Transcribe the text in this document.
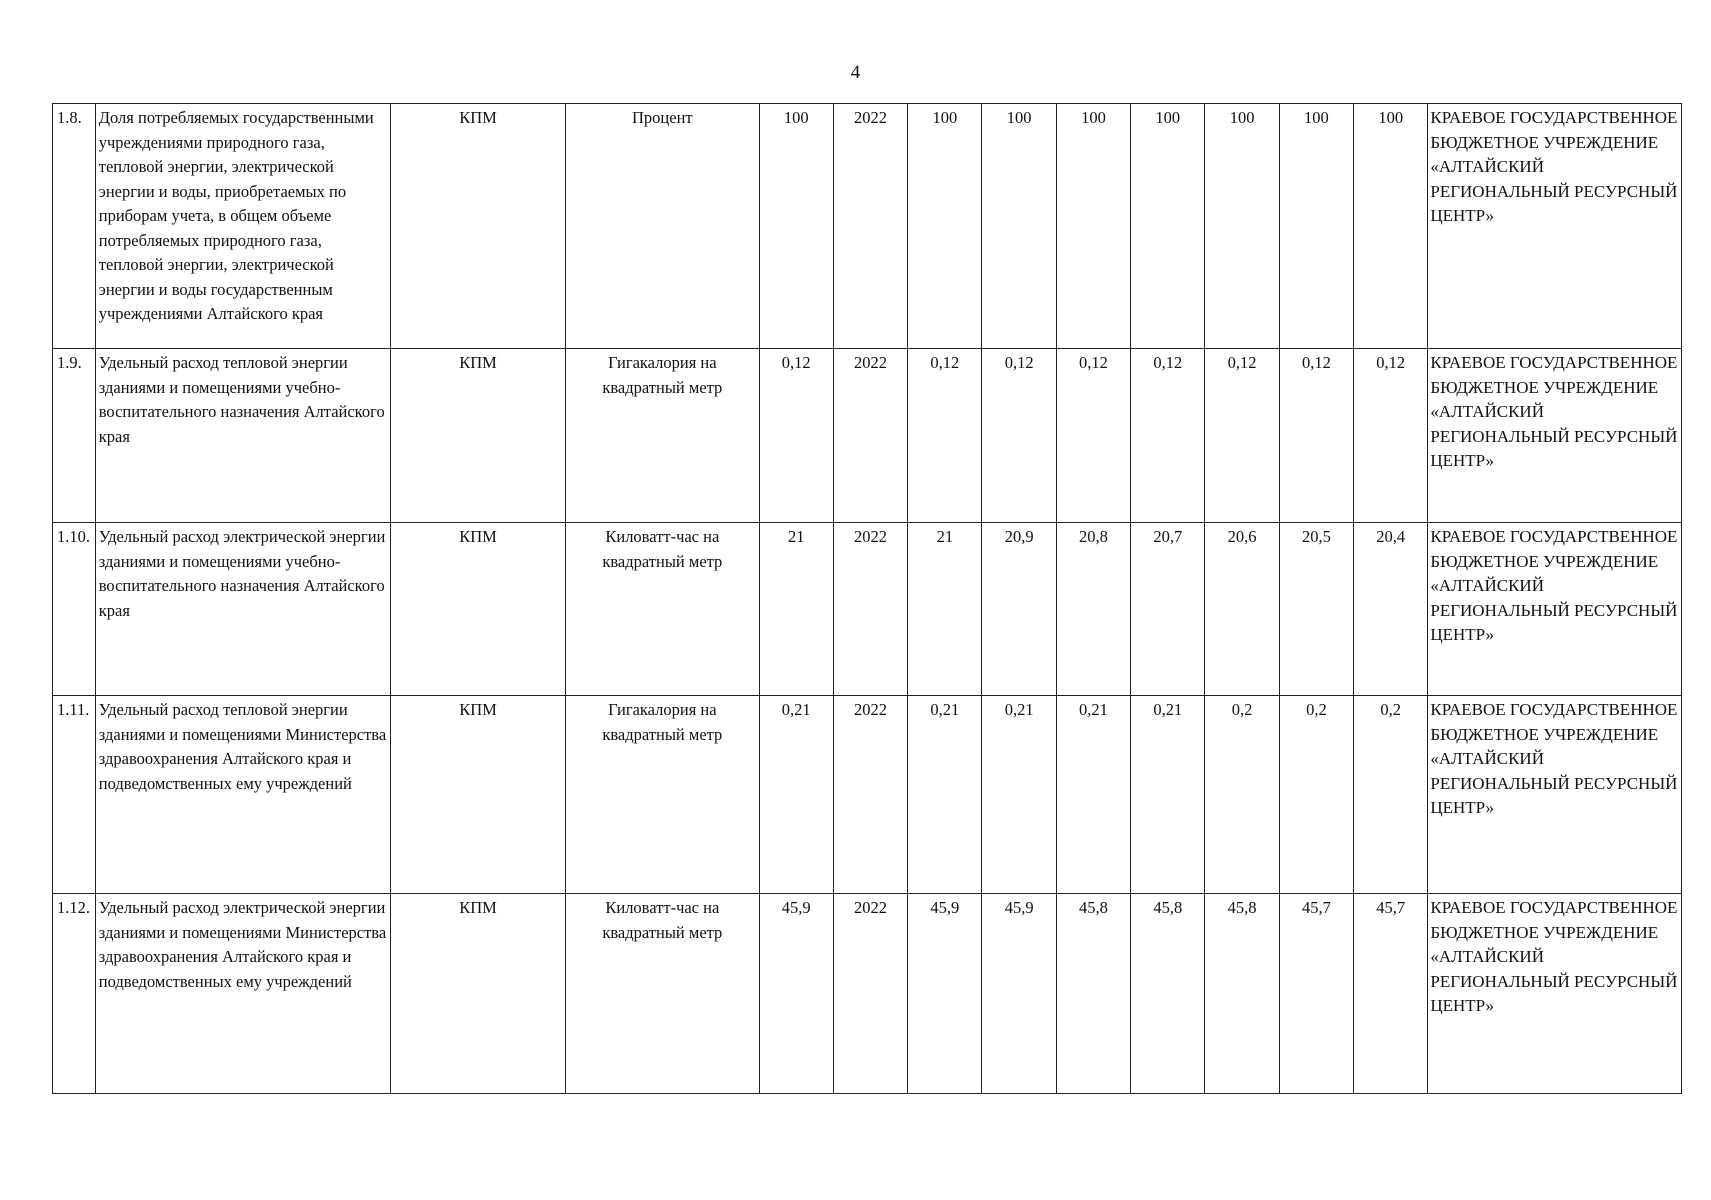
4
1.8.	Доля потребляемых государственными учреждениями природного газа, тепловой энергии, электрической энергии и воды, приобретаемых по приборам учета, в общем объеме потребляемых природного газа, тепловой энергии, электрической энергии и воды государственным учреждениями Алтайского края	КПМ	Процент	100	2022	100	100	100	100	100	100	100	КРАЕВОЕ ГОСУДАРСТВЕННОЕ БЮДЖЕТНОЕ УЧРЕЖДЕНИЕ «АЛТАЙСКИЙ РЕГИОНАЛЬНЫЙ РЕСУРСНЫЙ ЦЕНТР»
1.9.	Удельный расход тепловой энергии зданиями и помещениями учебно-воспитательного назначения Алтайского края	КПМ	Гигакалория на квадратный метр	0,12	2022	0,12	0,12	0,12	0,12	0,12	0,12	0,12	КРАЕВОЕ ГОСУДАРСТВЕННОЕ БЮДЖЕТНОЕ УЧРЕЖДЕНИЕ «АЛТАЙСКИЙ РЕГИОНАЛЬНЫЙ РЕСУРСНЫЙ ЦЕНТР»
1.10.	Удельный расход электрической энергии зданиями и помещениями учебно-воспитательного назначения Алтайского края	КПМ	Киловатт-час на квадратный метр	21	2022	21	20,9	20,8	20,7	20,6	20,5	20,4	КРАЕВОЕ ГОСУДАРСТВЕННОЕ БЮДЖЕТНОЕ УЧРЕЖДЕНИЕ «АЛТАЙСКИЙ РЕГИОНАЛЬНЫЙ РЕСУРСНЫЙ ЦЕНТР»
1.11.	Удельный расход тепловой энергии зданиями и помещениями Министерства здравоохранения Алтайского края и подведомственных ему учреждений	КПМ	Гигакалория на квадратный метр	0,21	2022	0,21	0,21	0,21	0,21	0,2	0,2	0,2	КРАЕВОЕ ГОСУДАРСТВЕННОЕ БЮДЖЕТНОЕ УЧРЕЖДЕНИЕ «АЛТАЙСКИЙ РЕГИОНАЛЬНЫЙ РЕСУРСНЫЙ ЦЕНТР»
1.12.	Удельный расход электрической энергии зданиями и помещениями Министерства здравоохранения Алтайского края и подведомственных ему учреждений	КПМ	Киловатт-час на квадратный метр	45,9	2022	45,9	45,9	45,8	45,8	45,8	45,7	45,7	КРАЕВОЕ ГОСУДАРСТВЕННОЕ БЮДЖЕТНОЕ УЧРЕЖДЕНИЕ «АЛТАЙСКИЙ РЕГИОНАЛЬНЫЙ РЕСУРСНЫЙ ЦЕНТР»
